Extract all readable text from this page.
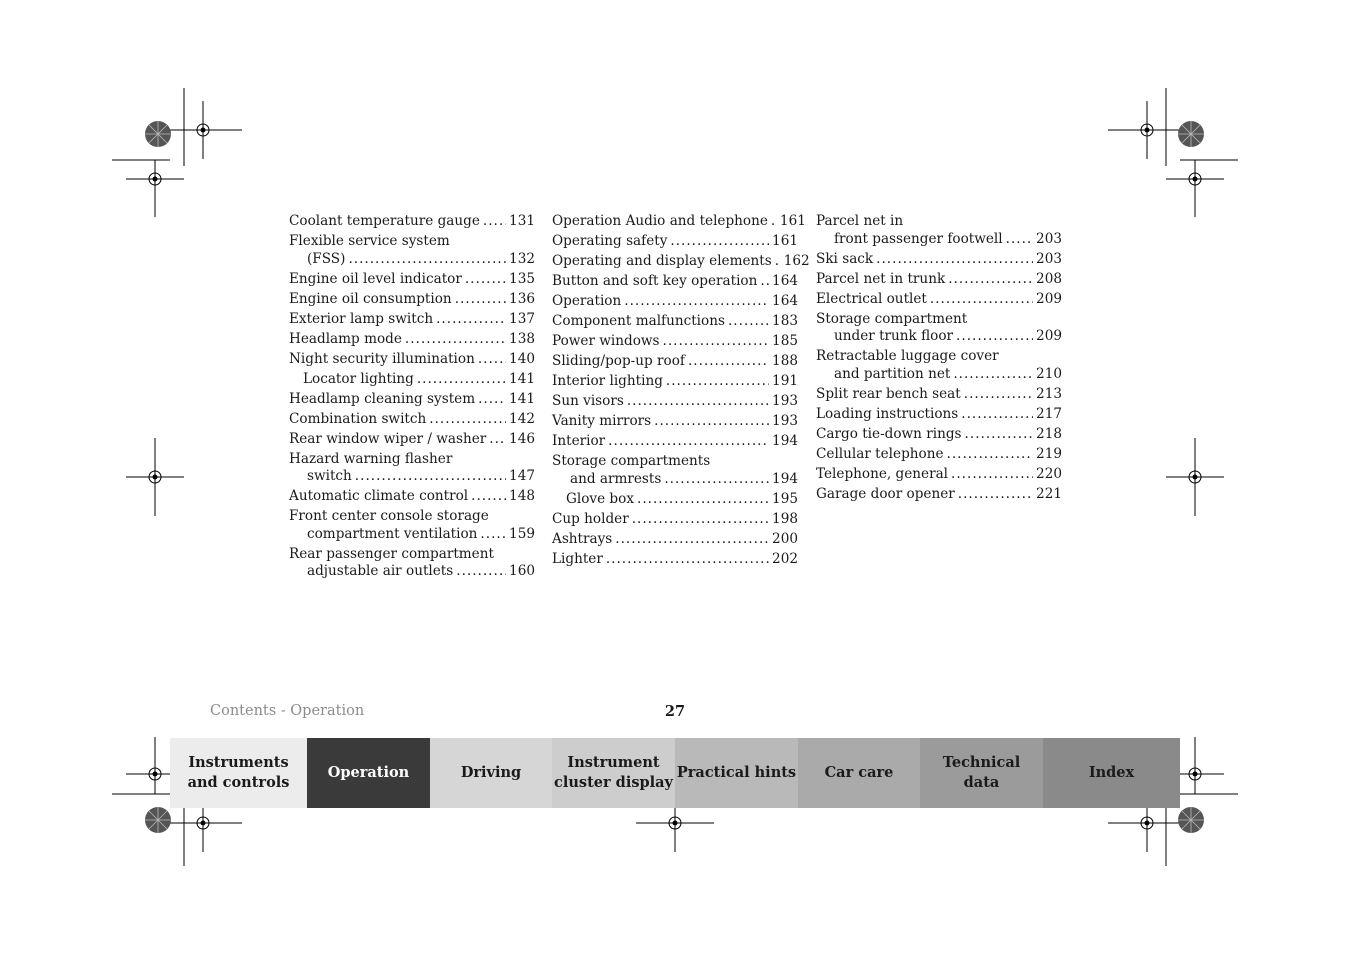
Coolant temperature gauge ..... 131
Flexible service system
(FSS) .....	132
Engine oil level indicator .....	135
Engine oil consumption .....	136
Exterior lamp switch .....	137
Headlamp mode .....	138
Night security illumination .....	140
Locator lighting .....	141
Headlamp cleaning system ..... 141
Combination switch .....	142
Rear window wiper / washer ..... 146
Hazard warning flasher
switch .....	147
Automatic climate control .....	148
Front center console storage
compartment ventilation ..... 159
Rear passenger compartment
adjustable air outlets .....	160
Operation Audio and telephone ..... 161
Operating safety .....	161
Operating and display elements ..... 162
Button and soft key operation ..... 164
Operation .....	164
Component malfunctions .....	183
Power windows .....	185
Sliding/pop-up roof .....	188
Interior lighting .....	191
Sun visors .....	193
Vanity mirrors .....	193
Interior .....	194
Storage compartments
and armrests .....	194
Glove box .....	195
Cup holder .....	198
Ashtrays .....	200
Lighter .....	202
Parcel net in
front passenger footwell ..... 203
Ski sack .....	203
Parcel net in trunk .....	208
Electrical outlet .....	209
Storage compartment
under trunk floor .....	209
Retractable luggage cover
and partition net .....	210
Split rear bench seat .....	213
Loading instructions .....	217
Cargo tie-down rings .....	218
Cellular telephone .....	219
Telephone, general .....	220
Garage door opener .....	221
Contents - Operation	27
Instruments
and controls
Operation	Driving
Instrument
cluster display
Practical hints Car care
Technical
data
Index
